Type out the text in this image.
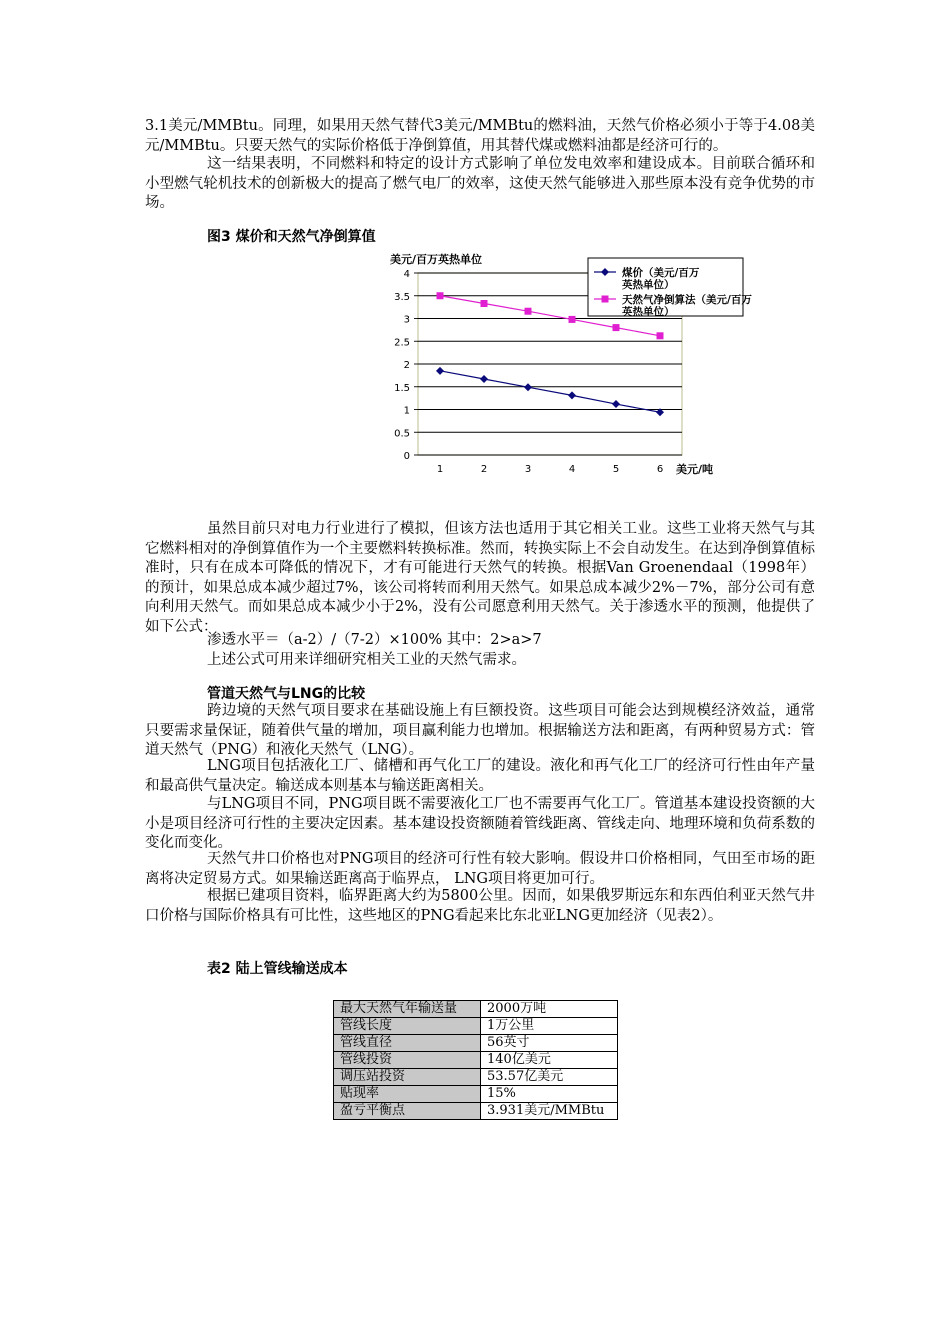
3.1美元/MMBtu。同理，如果用天然气替代3美元/MMBtu的燃料油，天然气价格必须小于等于4.08美元/MMBtu。只要天然气的实际价格低于净倒算值，用其替代煤或燃料油都是经济可行的。

这一结果表明，不同燃料和特定的设计方式影响了单位发电效率和建设成本。目前联合循环和小型燃气轮机技术的创新极大的提高了燃气电厂的效率，这使天然气能够进入那些原本没有竞争优势的市场。

图3 煤价和天然气净倒算值

0
0.5
1
1.5
2
2.5
3
3.5
4
1	2	3	4	5	6
美元/百万英热单位
美元/吨
煤价（美元/百万英热单位）
天然气净倒算法（美元/百万英热单位）

虽然目前只对电力行业进行了模拟，但该方法也适用于其它相关工业。这些工业将天然气与其它燃料相对的净倒算值作为一个主要燃料转换标准。然而，转换实际上不会自动发生。在达到净倒算值标准时，只有在成本可降低的情况下，才有可能进行天然气的转换。根据Van Groenendaal（1998年）的预计，如果总成本减少超过7%，该公司将转而利用天然气。如果总成本减少2%－7%，部分公司有意向利用天然气。而如果总成本减少小于2%，没有公司愿意利用天然气。关于渗透水平的预测，他提供了如下公式：

渗透水平＝（a-2）/（7-2）×100% 其中：2>a>7

上述公式可用来详细研究相关工业的天然气需求。

管道天然气与LNG的比较

跨边境的天然气项目要求在基础设施上有巨额投资。这些项目可能会达到规模经济效益，通常只要需求量保证，随着供气量的增加，项目赢利能力也增加。根据输送方法和距离，有两种贸易方式：管道天然气（PNG）和液化天然气（LNG）。

LNG项目包括液化工厂、储槽和再气化工厂的建设。液化和再气化工厂的经济可行性由年产量和最高供气量决定。输送成本则基本与输送距离相关。

与LNG项目不同，PNG项目既不需要液化工厂也不需要再气化工厂。管道基本建设投资额的大小是项目经济可行性的主要决定因素。基本建设投资额随着管线距离、管线走向、地理环境和负荷系数的变化而变化。

天然气井口价格也对PNG项目的经济可行性有较大影响。假设井口价格相同，气田至市场的距离将决定贸易方式。如果输送距离高于临界点， LNG项目将更加可行。

根据已建项目资料，临界距离大约为5800公里。因而，如果俄罗斯远东和东西伯利亚天然气井口价格与国际价格具有可比性，这些地区的PNG看起来比东北亚LNG更加经济（见表2）。

表2 陆上管线输送成本

最大天然气年输送量	2000万吨
管线长度	1万公里
管线直径	56英寸
管线投资	140亿美元
调压站投资	53.57亿美元
贴现率	15%
盈亏平衡点	3.931美元/MMBtu
